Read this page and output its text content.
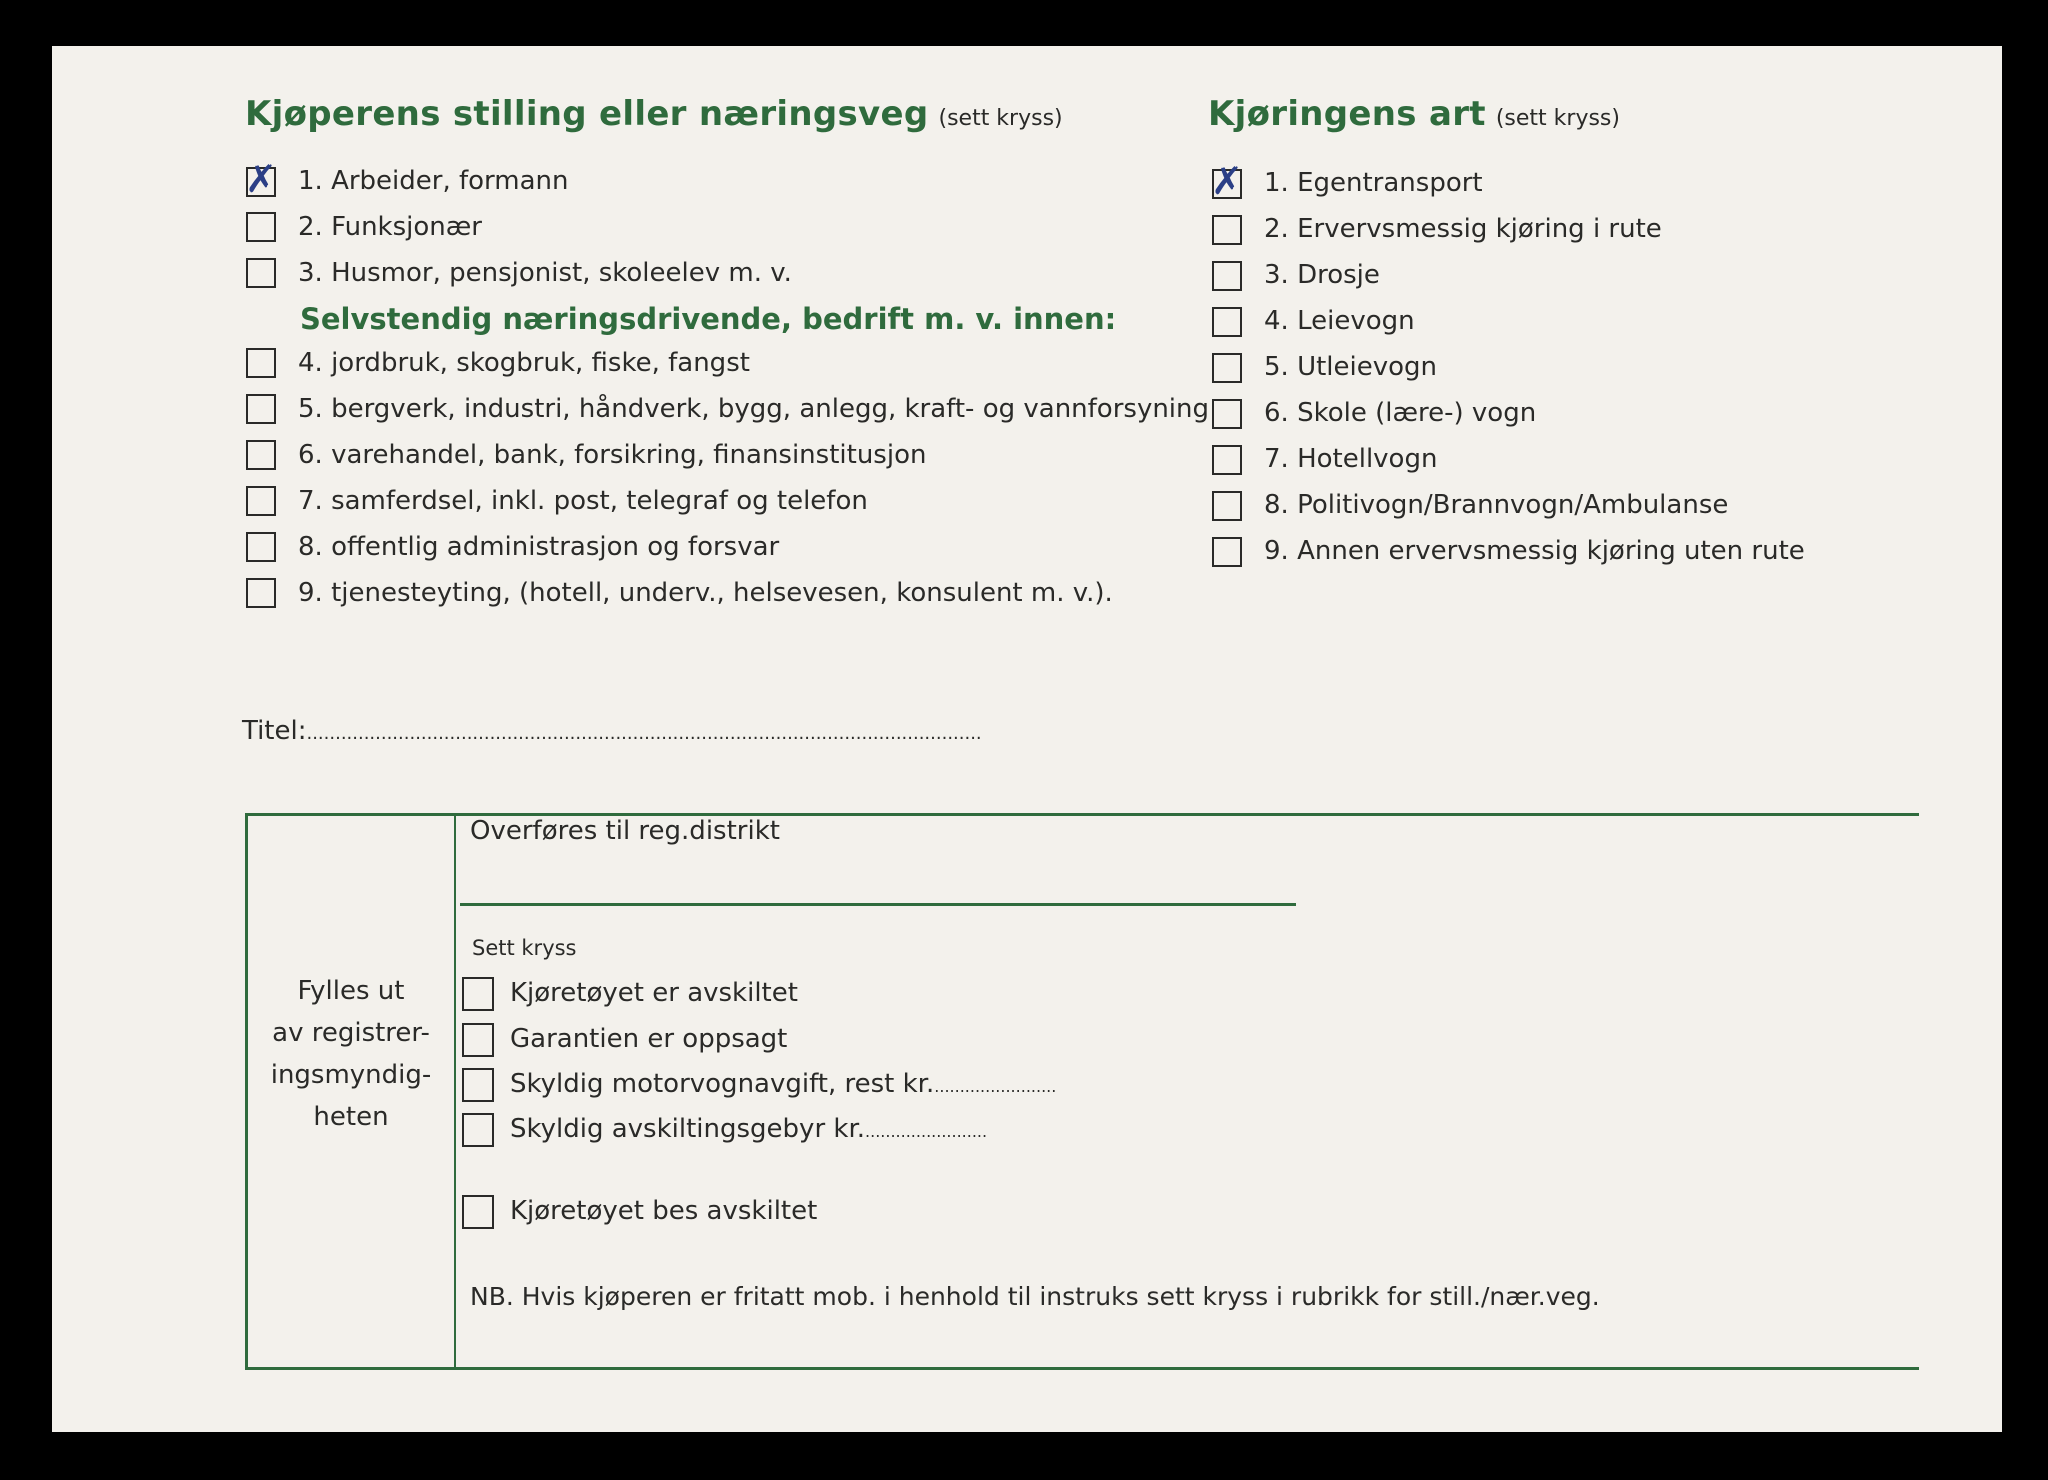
Kjøperens stilling eller næringsveg (sett kryss)
✗ 1. Arbeider, formann
2. Funksjonær
3. Husmor, pensjonist, skoleelev m. v.
Selvstendig næringsdrivende, bedrift m. v. innen:
4. jordbruk, skogbruk, fiske, fangst
5. bergverk, industri, håndverk, bygg, anlegg, kraft- og vannforsyning
6. varehandel, bank, forsikring, finansinstitusjon
7. samferdsel, inkl. post, telegraf og telefon
8. offentlig administrasjon og forsvar
9. tjenesteyting, (hotell, underv., helsevesen, konsulent m. v.).
Kjøringens art (sett kryss)
✗ 1. Egentransport
2. Ervervsmessig kjøring i rute
3. Drosje
4. Leievogn
5. Utleievogn
6. Skole (lære-) vogn
7. Hotellvogn
8. Politivogn/Brannvogn/Ambulanse
9. Annen ervervsmessig kjøring uten rute
Titel:......................................................................................................................
Fylles ut
av registrer-
ingsmyndig-
heten
Overføres til reg.distrikt
Sett kryss
Kjøretøyet er avskiltet
Garantien er oppsagt
Skyldig motorvognavgift, rest kr.........................
Skyldig avskiltingsgebyr kr.........................
Kjøretøyet bes avskiltet
NB. Hvis kjøperen er fritatt mob. i henhold til instruks sett kryss i rubrikk for still./nær.veg.
